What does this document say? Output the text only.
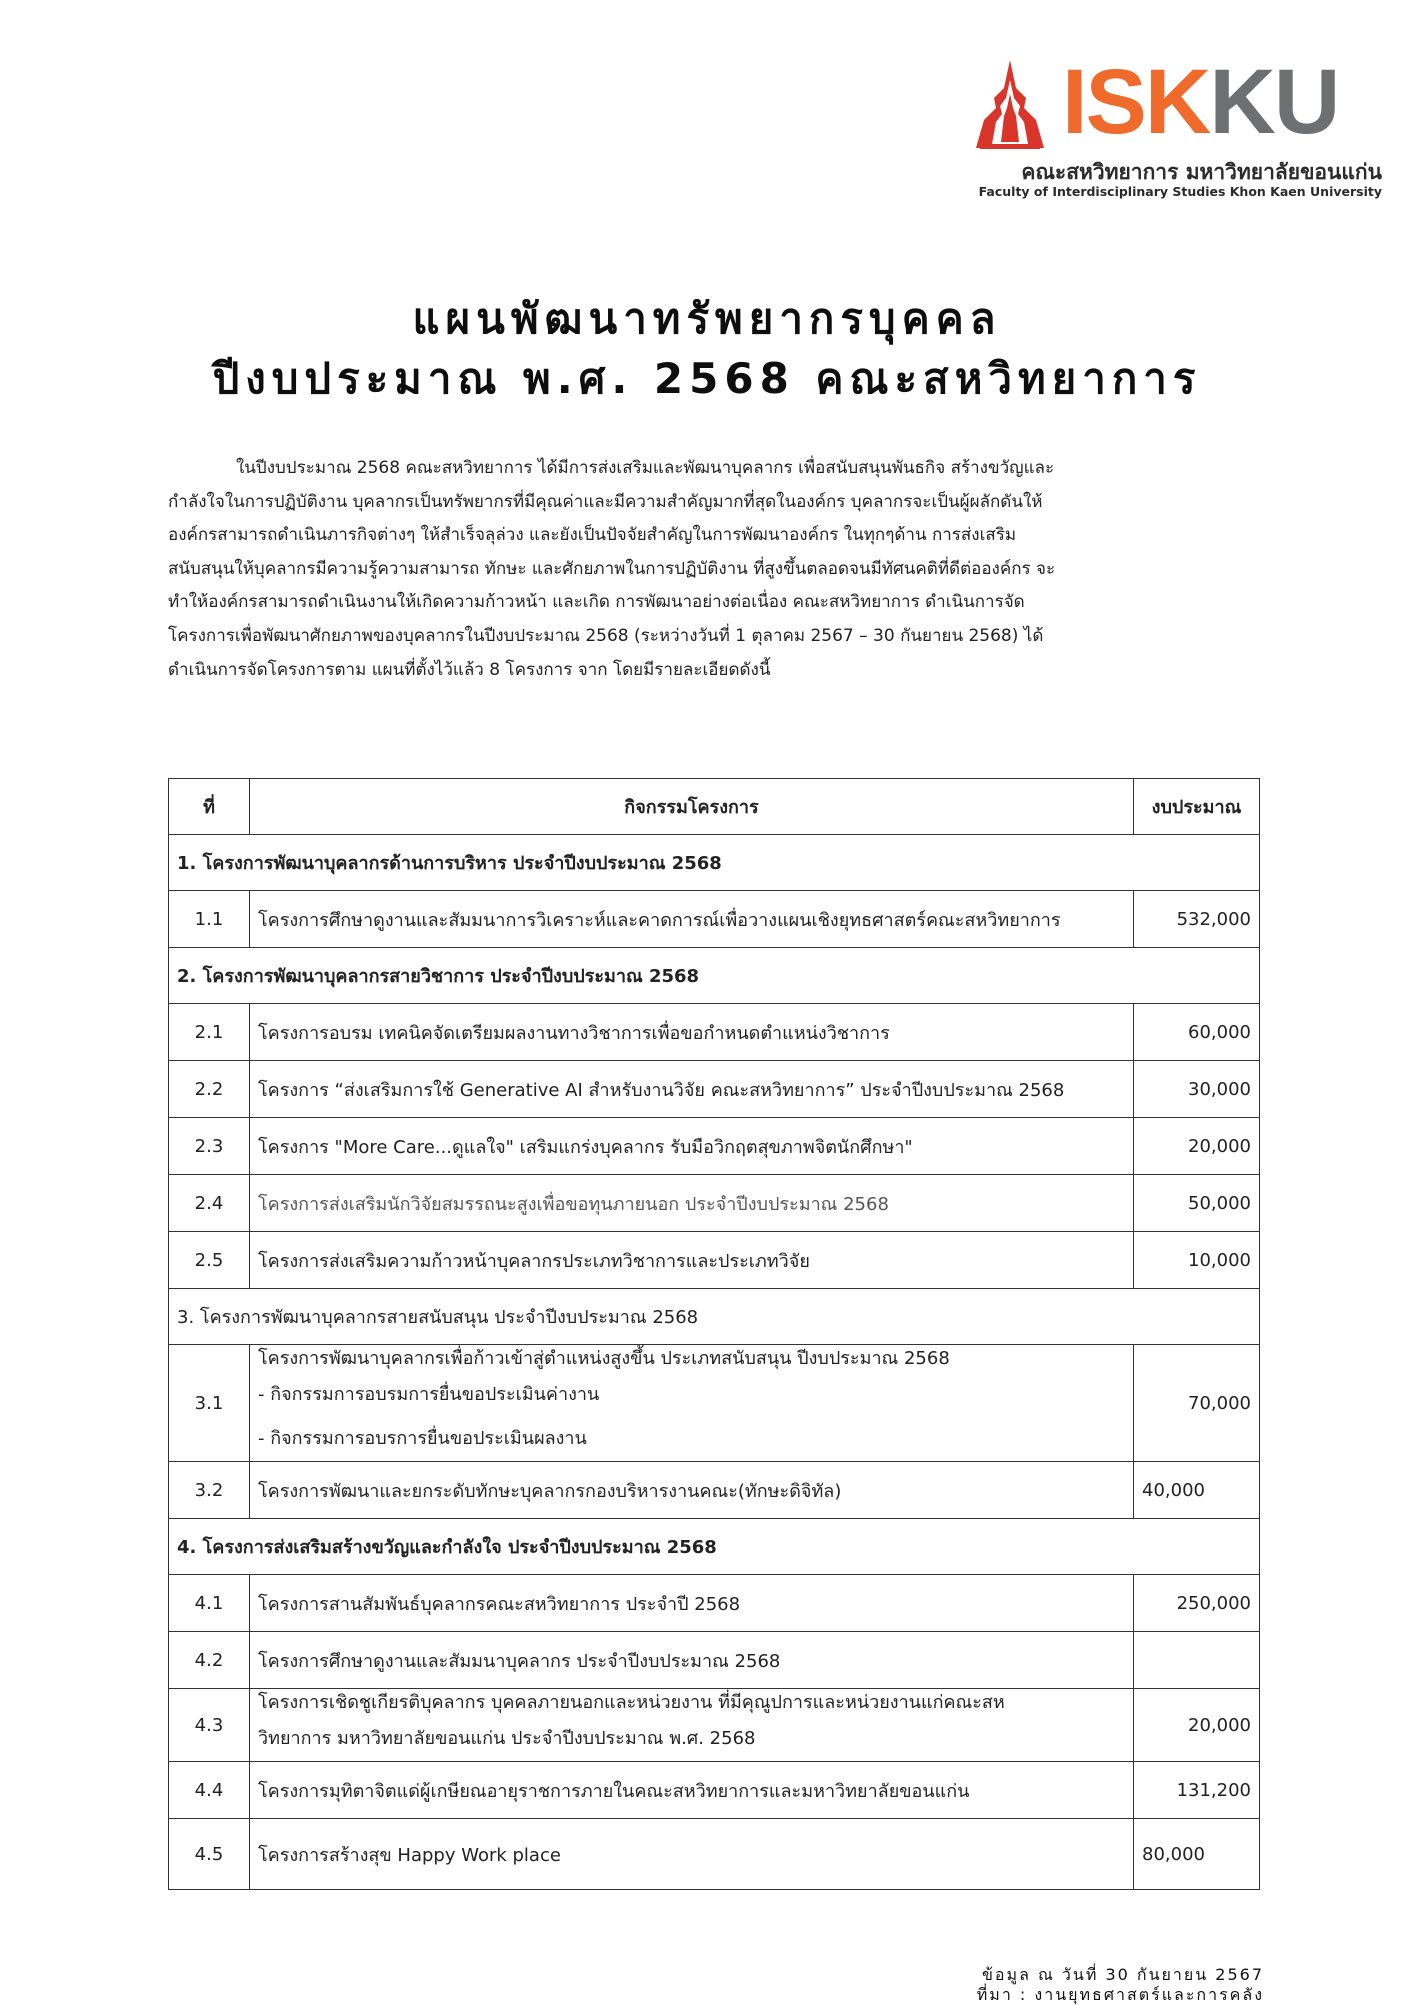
ISK KU
คณะสหวิทยาการ มหาวิทยาลัยขอนแก่น
Faculty of Interdisciplinary Studies Khon Kaen University
แผนพัฒนาทรัพยากรบุคคล
ปีงบประมาณ พ.ศ. 2568 คณะสหวิทยาการ

ในปีงบประมาณ 2568 คณะสหวิทยาการ ได้มีการส่งเสริมและพัฒนาบุคลากร เพื่อสนับสนุนพันธกิจ สร้างขวัญและ

กำลังใจในการปฏิบัติงาน บุคลากรเป็นทรัพยากรที่มีคุณค่าและมีความสำคัญมากที่สุดในองค์กร บุคลากรจะเป็นผู้ผลักดันให้

องค์กรสามารถดำเนินภารกิจต่างๆ ให้สำเร็จลุล่วง และยังเป็นปัจจัยสำคัญในการพัฒนาองค์กร ในทุกๆด้าน การส่งเสริม

สนับสนุนให้บุคลากรมีความรู้ความสามารถ ทักษะ และศักยภาพในการปฏิบัติงาน ที่สูงขึ้นตลอดจนมีทัศนคติที่ดีต่อองค์กร จะ

ทำให้องค์กรสามารถดำเนินงานให้เกิดความก้าวหน้า และเกิด การพัฒนาอย่างต่อเนื่อง คณะสหวิทยาการ ดำเนินการจัด

โครงการเพื่อพัฒนาศักยภาพของบุคลากรในปีงบประมาณ 2568 (ระหว่างวันที่ 1 ตุลาคม 2567 – 30 กันยายน 2568) ได้

ดำเนินการจัดโครงการตาม แผนที่ตั้งไว้แล้ว 8 โครงการ จาก โดยมีรายละเอียดดังนี้

ที่	กิจกรรมโครงการ	งบประมาณ
1. โครงการพัฒนาบุคลากรด้านการบริหาร ประจำปีงบประมาณ 2568		
1.1	โครงการศึกษาดูงานและสัมมนาการวิเคราะห์และคาดการณ์เพื่อวางแผนเชิงยุทธศาสตร์คณะสหวิทยาการ	532,000
2. โครงการพัฒนาบุคลากรสายวิชาการ ประจำปีงบประมาณ 2568		
2.1	โครงการอบรม เทคนิคจัดเตรียมผลงานทางวิชาการเพื่อขอกำหนดตำแหน่งวิชาการ	60,000
2.2	โครงการ “ส่งเสริมการใช้ Generative AI สำหรับงานวิจัย คณะสหวิทยาการ” ประจำปีงบประมาณ 2568	30,000
2.3	โครงการ "More Care...ดูแลใจ" เสริมแกร่งบุคลากร รับมือวิกฤตสุขภาพจิตนักศึกษา"	20,000
2.4	โครงการส่งเสริมนักวิจัยสมรรถนะสูงเพื่อขอทุนภายนอก ประจำปีงบประมาณ 2568	50,000
2.5	โครงการส่งเสริมความก้าวหน้าบุคลากรประเภทวิชาการและประเภทวิจัย	10,000
3. โครงการพัฒนาบุคลากรสายสนับสนุน ประจำปีงบประมาณ 2568		
3.1	โครงการพัฒนาบุคลากรเพื่อก้าวเข้าสู่ตำแหน่งสูงขึ้น ประเภทสนับสนุน ปีงบประมาณ 2568
- กิจกรรมการอบรมการยื่นขอประเมินค่างาน
- กิจกรรมการอบรการยื่นขอประเมินผลงาน	70,000
3.2	โครงการพัฒนาและยกระดับทักษะบุคลากรกองบริหารงานคณะ(ทักษะดิจิทัล)	40,000
4. โครงการส่งเสริมสร้างขวัญและกำลังใจ ประจำปีงบประมาณ 2568		
4.1	โครงการสานสัมพันธ์บุคลากรคณะสหวิทยาการ ประจำปี 2568	250,000
4.2	โครงการศึกษาดูงานและสัมมนาบุคลากร ประจำปีงบประมาณ 2568	
4.3	โครงการเชิดชูเกียรติบุคลากร บุคคลภายนอกและหน่วยงาน ที่มีคุณูปการและหน่วยงานแก่คณะสห
วิทยาการ มหาวิทยาลัยขอนแก่น ประจำปีงบประมาณ พ.ศ. 2568	20,000
4.4	โครงการมุทิตาจิตแด่ผู้เกษียณอายุราชการภายในคณะสหวิทยาการและมหาวิทยาลัยขอนแก่น	131,200
4.5	โครงการสร้างสุข Happy Work place	80,000
ข้อมูล ณ วันที่ 30 กันยายน 2567
ที่มา : งานยุทธศาสตร์และการคลัง
